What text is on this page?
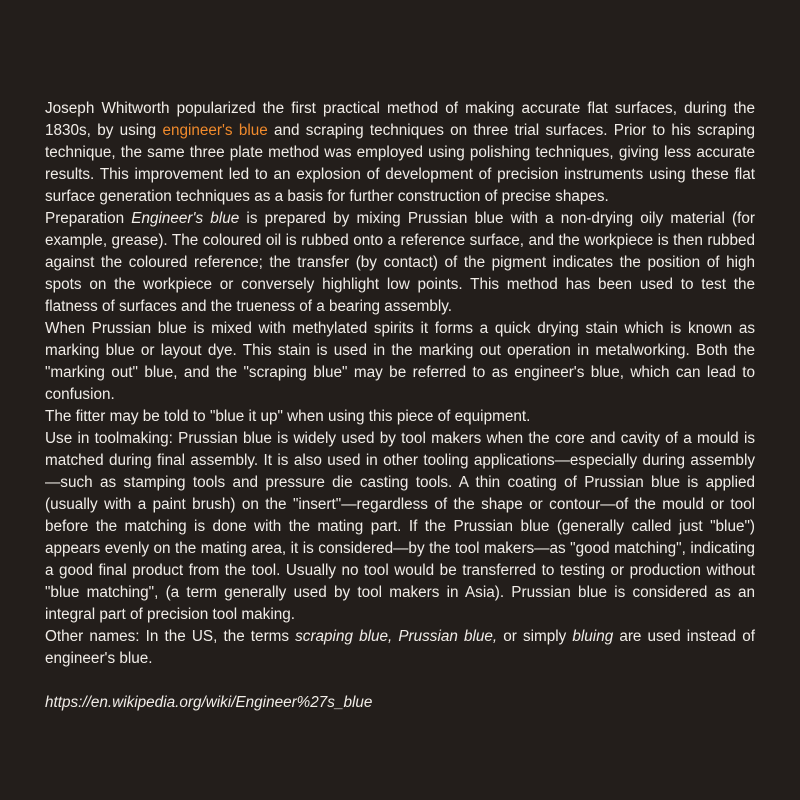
Joseph Whitworth popularized the first practical method of making accurate flat surfaces, during the 1830s, by using engineer's blue and scraping techniques on three trial surfaces. Prior to his scraping technique, the same three plate method was employed using polishing techniques, giving less accurate results. This improvement led to an explosion of development of precision instruments using these flat surface generation techniques as a basis for further construction of precise shapes.

Preparation Engineer's blue is prepared by mixing Prussian blue with a non-drying oily material (for example, grease). The coloured oil is rubbed onto a reference surface, and the workpiece is then rubbed against the coloured reference; the transfer (by contact) of the pigment indicates the position of high spots on the workpiece or conversely highlight low points. This method has been used to test the flatness of surfaces and the trueness of a bearing assembly.

When Prussian blue is mixed with methylated spirits it forms a quick drying stain which is known as marking blue or layout dye. This stain is used in the marking out operation in metalworking. Both the "marking out" blue, and the "scraping blue" may be referred to as engineer's blue, which can lead to confusion.

The fitter may be told to "blue it up" when using this piece of equipment.

Use in toolmaking: Prussian blue is widely used by tool makers when the core and cavity of a mould is matched during final assembly. It is also used in other tooling applications—especially during assembly—such as stamping tools and pressure die casting tools. A thin coating of Prussian blue is applied (usually with a paint brush) on the "insert"—regardless of the shape or contour—of the mould or tool before the matching is done with the mating part. If the Prussian blue (generally called just "blue") appears evenly on the mating area, it is considered—by the tool makers—as "good matching", indicating a good final product from the tool. Usually no tool would be transferred to testing or production without "blue matching", (a term generally used by tool makers in Asia). Prussian blue is considered as an integral part of precision tool making.

Other names: In the US, the terms scraping blue, Prussian blue, or simply bluing are used instead of engineer's blue.

https://en.wikipedia.org/wiki/Engineer%27s_blue
